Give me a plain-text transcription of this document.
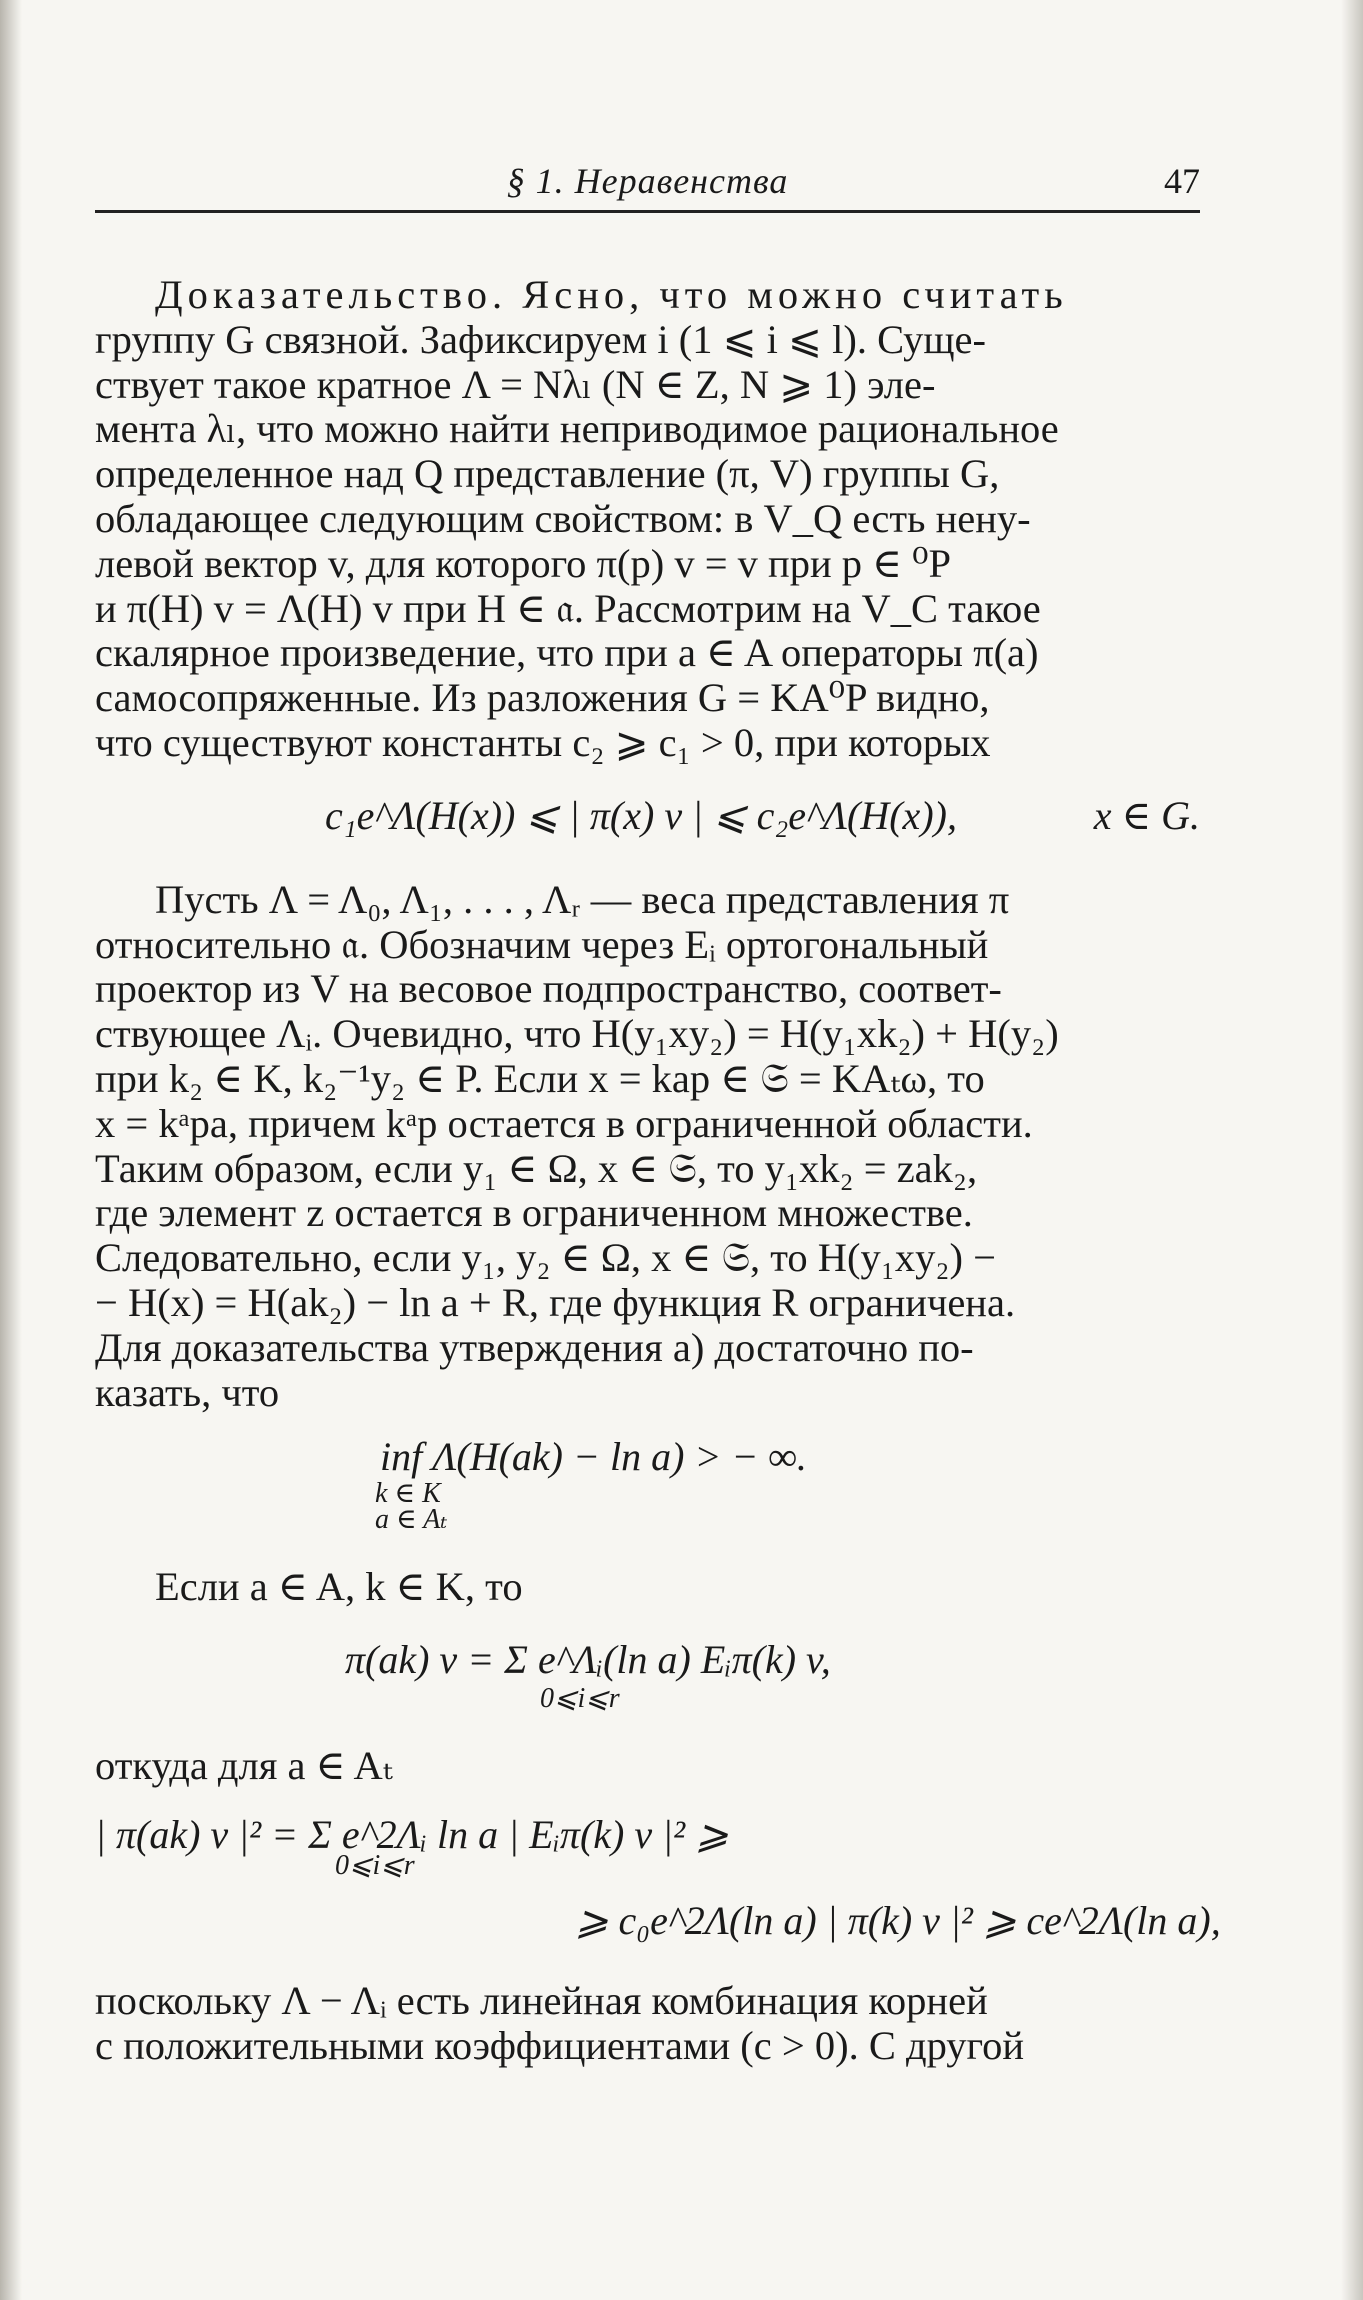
§ 1. Неравенства	47

Доказательство. Ясно, что можно считать
группу G связной. Зафиксируем i (1 ⩽ i ⩽ l). Суще-
ствует такое кратное Λ = Nλₗ (N ∈ Z, N ⩾ 1) эле-
мента λₗ, что можно найти неприводимое рациональное
определенное над Q представление (π, V) группы G,
обладающее следующим свойством: в V_Q есть нену-
левой вектор v, для которого π(p) v = v при p ∈ ⁰P
и π(H) v = Λ(H) v при H ∈ 𝔞. Рассмотрим на V_C такое
скалярное произведение, что при a ∈ A операторы π(a)
самосопряженные. Из разложения G = KA⁰P видно,
что существуют константы c₂ ⩾ c₁ > 0, при которых

c₁e^Λ(H(x)) ⩽ | π(x) v | ⩽ c₂e^Λ(H(x)),	x ∈ G.

Пусть Λ = Λ₀, Λ₁, . . . , Λᵣ — веса представления π
относительно 𝔞. Обозначим через Eᵢ ортогональный
проектор из V на весовое подпространство, соответ-
ствующее Λᵢ. Очевидно, что H(y₁xy₂) = H(y₁xk₂) + H(y₂)
при k₂ ∈ K, k₂⁻¹y₂ ∈ P. Если x = kap ∈ 𝔖 = KAₜω, то
x = kᵃpa, причем kᵃp остается в ограниченной области.
Таким образом, если y₁ ∈ Ω, x ∈ 𝔖, то y₁xk₂ = zak₂,
где элемент z остается в ограниченном множестве.
Следовательно, если y₁, y₂ ∈ Ω, x ∈ 𝔖, то H(y₁xy₂) −
− H(x) = H(ak₂) − ln a + R, где функция R ограничена.
Для доказательства утверждения а) достаточно по-
казать, что

inf Λ(H(ak) − ln a) > − ∞.
k ∈ K
a ∈ Aₜ

Если a ∈ A, k ∈ K, то

π(ak) v = Σ e^Λᵢ(ln a) Eᵢπ(k) v,
0⩽i⩽r

откуда для a ∈ Aₜ

| π(ak) v |² = Σ e^2Λᵢ ln a | Eᵢπ(k) v |² ⩾
0⩽i⩽r
⩾ c₀e^2Λ(ln a) | π(k) v |² ⩾ ce^2Λ(ln a),

поскольку Λ − Λᵢ есть линейная комбинация корней
с положительными коэффициентами (c > 0). С другой
